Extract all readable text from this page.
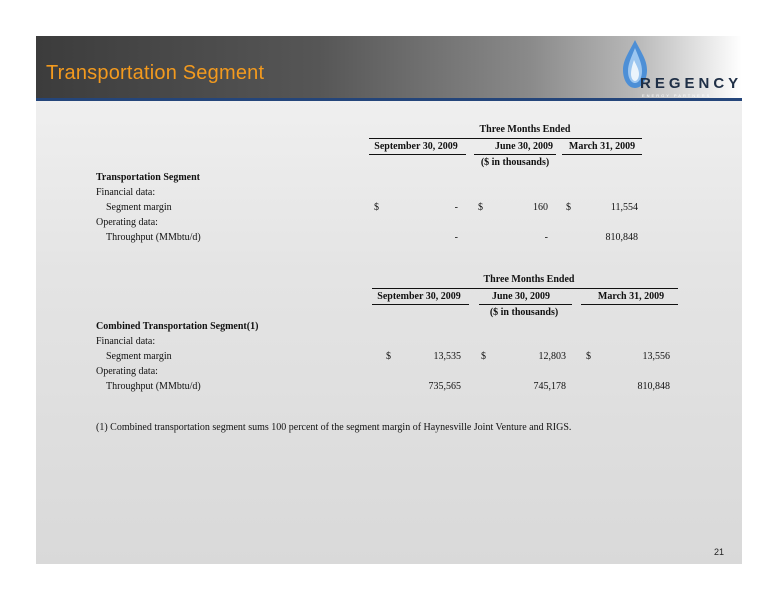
Transportation Segment	REGENCY
ENERGY PARTNERS
Three Months Ended
September 30, 2009	June 30, 2009	March 31, 2009
($ in thousands)
Transportation Segment
Financial data:
Segment margin	$	- $	160 $	11,554
Operating data:
Throughput (MMbtu/d)	-	-	810,848
Three Months Ended
September 30, 2009	June 30, 2009	March 31, 2009
($ in thousands)
Combined Transportation Segment(1)
Financial data:
Segment margin	$	13,535 $	12,803 $	13,556
Operating data:
Throughput (MMbtu/d)	735,565	745,178	810,848
(1) Combined transportation segment sums 100 percent of the segment margin of Haynesville Joint Venture and RIGS.
21
